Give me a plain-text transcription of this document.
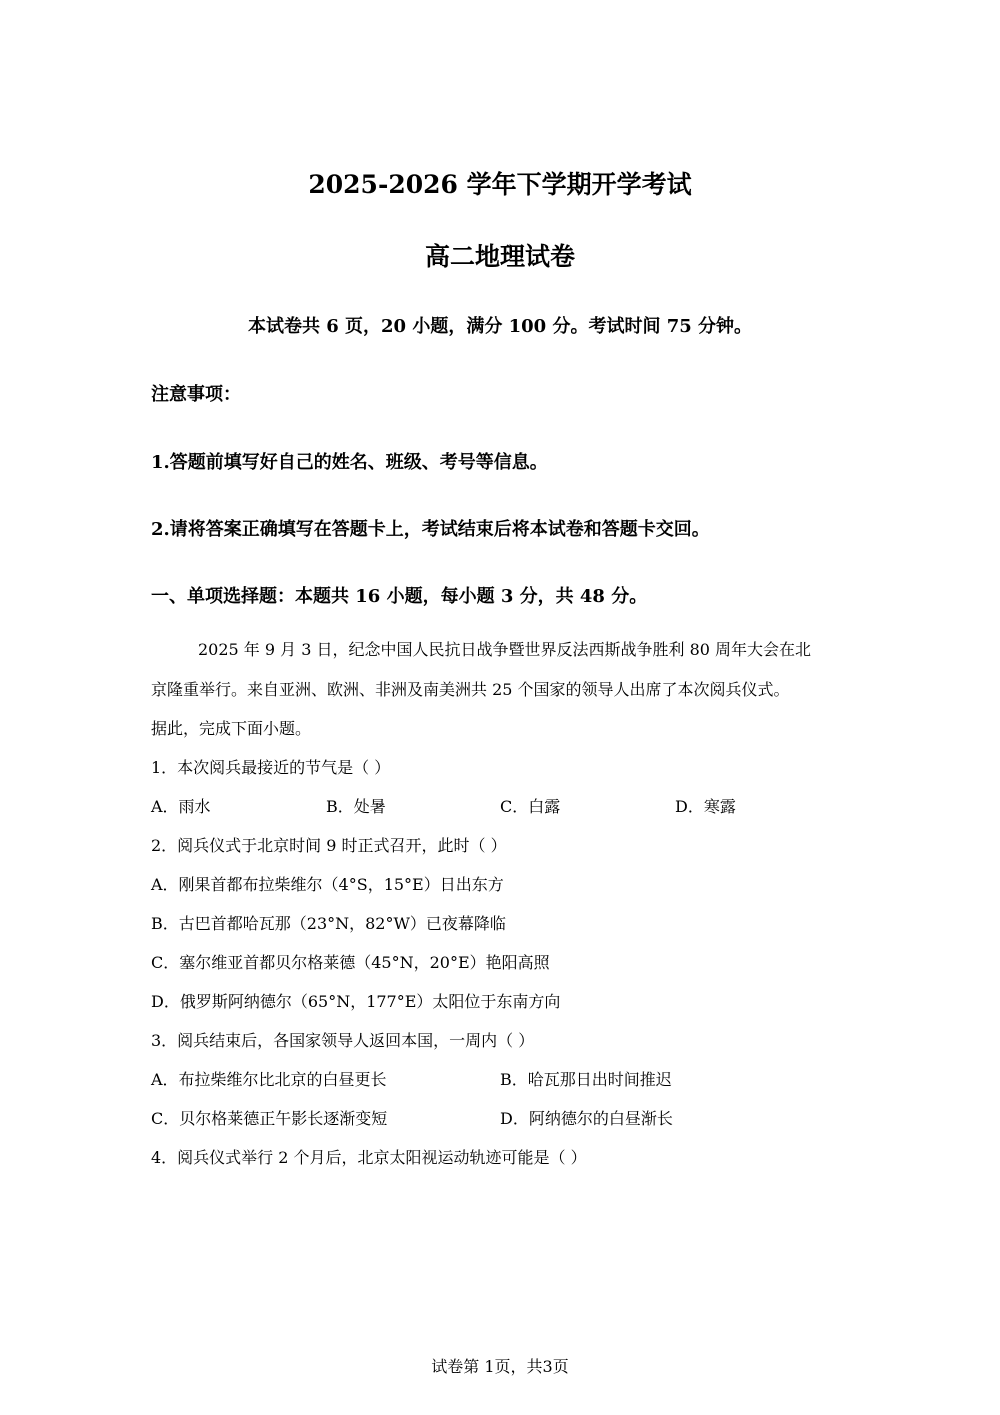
2025-2026 学年下学期开学考试
高二地理试卷
本试卷共 6 页，20 小题，满分 100 分。考试时间 75 分钟。
注意事项：
1.答题前填写好自己的姓名、班级、考号等信息。
2.请将答案正确填写在答题卡上，考试结束后将本试卷和答题卡交回。
一、单项选择题：本题共 16 小题，每小题 3 分，共 48 分。
2025 年 9 月 3 日，纪念中国人民抗日战争暨世界反法西斯战争胜利 80 周年大会在北
京隆重举行。来自亚洲、欧洲、非洲及南美洲共 25 个国家的领导人出席了本次阅兵仪式。
据此，完成下面小题。
1．本次阅兵最接近的节气是（ ）
A．雨水	B．处暑	C．白露	D．寒露
2．阅兵仪式于北京时间 9 时正式召开，此时（ ）
A．刚果首都布拉柴维尔（4°S，15°E）日出东方
B．古巴首都哈瓦那（23°N，82°W）已夜幕降临
C．塞尔维亚首都贝尔格莱德（45°N，20°E）艳阳高照
D．俄罗斯阿纳德尔（65°N，177°E）太阳位于东南方向
3．阅兵结束后，各国家领导人返回本国，一周内（ ）
A．布拉柴维尔比北京的白昼更长	B．哈瓦那日出时间推迟
C．贝尔格莱德正午影长逐渐变短	D．阿纳德尔的白昼渐长
4．阅兵仪式举行 2 个月后，北京太阳视运动轨迹可能是（ ）
试卷第 1页，共3页
